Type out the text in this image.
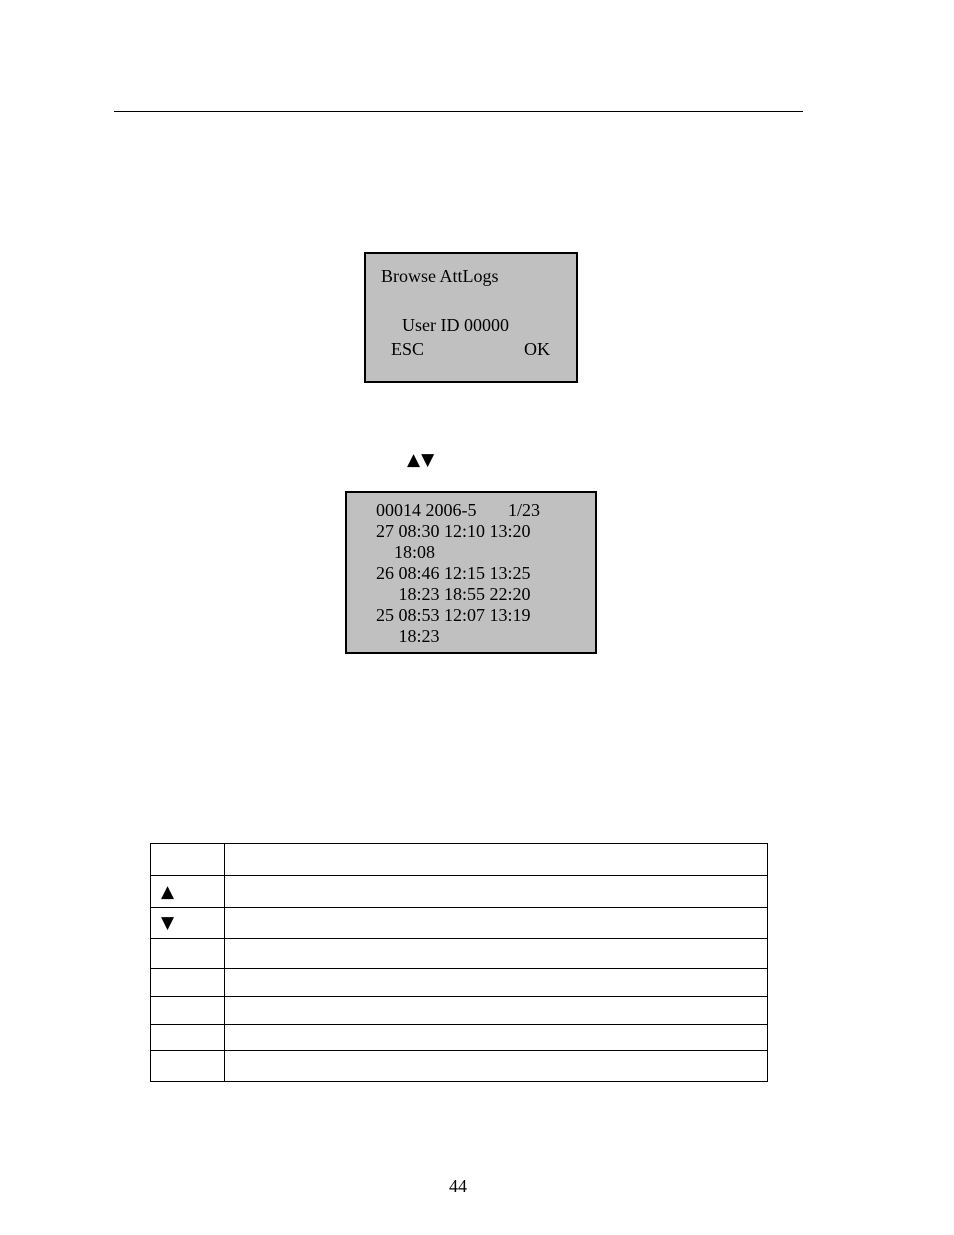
Browse AttLogs
User ID 00000
ESC	OK
▲▼
00014 2006-5       1/23
27 08:30 12:10 13:20
18:08
26 08:46 12:15 13:25
18:23 18:55 22:20
25 08:53 12:07 13:19
18:23

▲	
▼	

44
